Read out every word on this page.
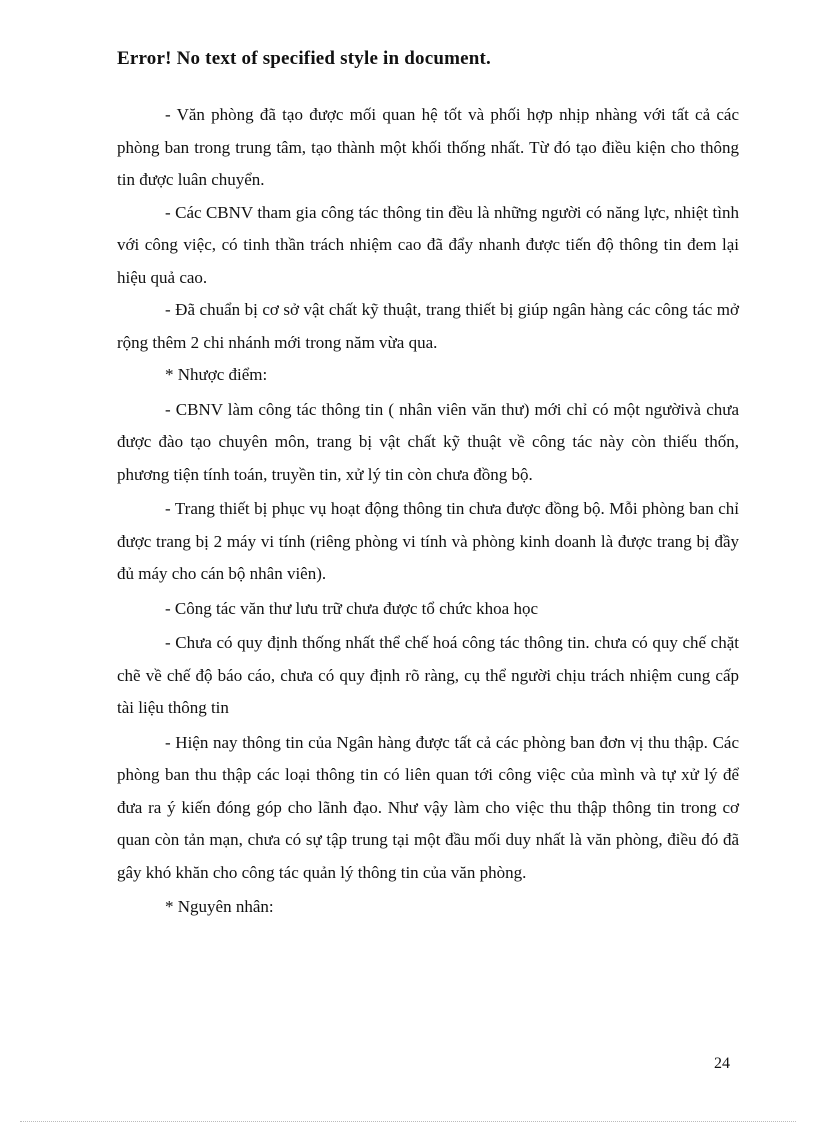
Error! No text of specified style in document.

- Văn phòng đã tạo được mối quan hệ tốt và phối hợp nhịp nhàng với tất cả các phòng ban trong trung tâm, tạo thành một khối thống nhất. Từ đó tạo điều kiện cho thông tin được luân chuyển.

- Các CBNV tham gia công tác thông tin đều là những người có năng lực, nhiệt tình với công việc, có tinh thần trách nhiệm cao đã đẩy nhanh được tiến độ thông tin đem lại hiệu quả cao.

- Đã chuẩn bị cơ sở vật chất kỹ thuật, trang thiết bị giúp ngân hàng các công tác mở rộng thêm 2 chi nhánh mới trong năm vừa qua.

* Nhược điểm:

- CBNV làm công tác thông tin ( nhân viên văn thư) mới chỉ có một ngườivà chưa được đào tạo chuyên môn, trang bị vật chất kỹ thuật về công tác này còn thiếu thốn, phương tiện tính toán, truyền tin, xử lý tin còn chưa đồng bộ.

- Trang thiết bị phục vụ hoạt động thông tin chưa được đồng bộ. Mỗi phòng ban chỉ được trang bị 2 máy vi tính (riêng phòng vi tính và phòng kinh doanh là được trang bị đầy đủ máy cho cán bộ nhân viên).

- Công tác văn thư lưu trữ chưa được tổ chức khoa học

- Chưa có quy định thống nhất thể chế hoá công tác thông tin. chưa có quy chế chặt chẽ về chế độ báo cáo, chưa có quy định rõ ràng, cụ thể người chịu trách nhiệm cung cấp tài liệu thông tin

- Hiện nay thông tin của Ngân hàng được tất cả các phòng ban đơn vị thu thập. Các phòng ban thu thập các loại thông tin có liên quan tới công việc của mình và tự xử lý để đưa ra ý kiến đóng góp cho lãnh đạo. Như vậy làm cho việc thu thập thông tin trong cơ quan còn tản mạn, chưa có sự tập trung tại một đầu mối duy nhất là văn phòng, điều đó đã gây khó khăn cho công tác quản lý thông tin của văn phòng.

* Nguyên nhân:

24
